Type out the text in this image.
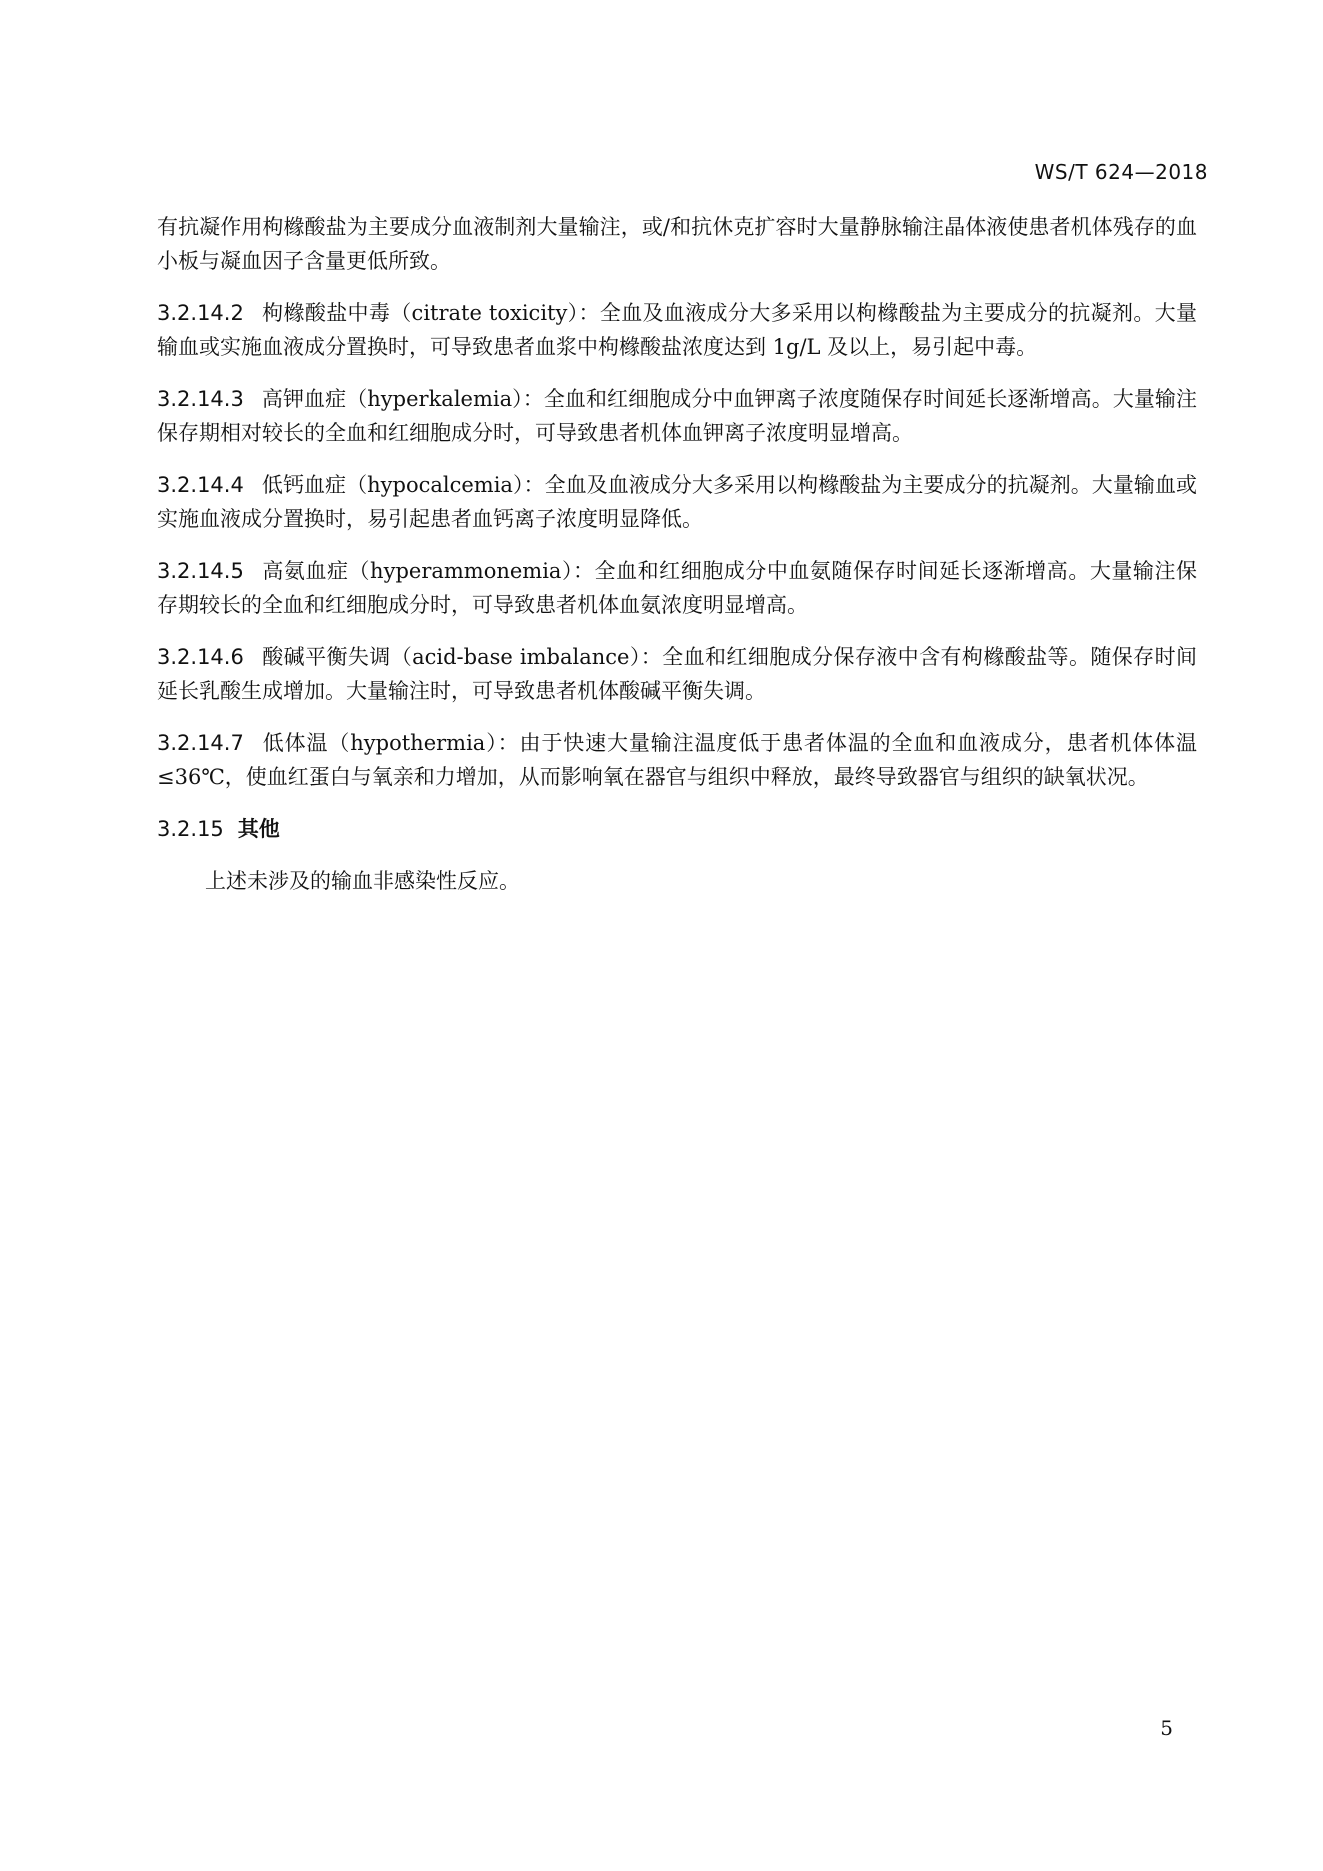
WS/T 624—2018

有抗凝作用枸橼酸盐为主要成分血液制剂大量输注，或/和抗休克扩容时大量静脉输注晶体液使患者机体残存的血小板与凝血因子含量更低所致。

3.2.14.2 枸橼酸盐中毒（citrate toxicity）：全血及血液成分大多采用以枸橼酸盐为主要成分的抗凝剂。大量输血或实施血液成分置换时，可导致患者血浆中枸橼酸盐浓度达到 1g/L 及以上，易引起中毒。

3.2.14.3 高钾血症（hyperkalemia）：全血和红细胞成分中血钾离子浓度随保存时间延长逐渐增高。大量输注保存期相对较长的全血和红细胞成分时，可导致患者机体血钾离子浓度明显增高。

3.2.14.4 低钙血症（hypocalcemia）：全血及血液成分大多采用以枸橼酸盐为主要成分的抗凝剂。大量输血或实施血液成分置换时，易引起患者血钙离子浓度明显降低。

3.2.14.5 高氨血症（hyperammonemia）：全血和红细胞成分中血氨随保存时间延长逐渐增高。大量输注保存期较长的全血和红细胞成分时，可导致患者机体血氨浓度明显增高。

3.2.14.6 酸碱平衡失调（acid-base imbalance）：全血和红细胞成分保存液中含有枸橼酸盐等。随保存时间延长乳酸生成增加。大量输注时，可导致患者机体酸碱平衡失调。

3.2.14.7 低体温（hypothermia）：由于快速大量输注温度低于患者体温的全血和血液成分，患者机体体温≤36℃，使血红蛋白与氧亲和力增加，从而影响氧在器官与组织中释放，最终导致器官与组织的缺氧状况。

3.2.15 其他

上述未涉及的输血非感染性反应。

5
